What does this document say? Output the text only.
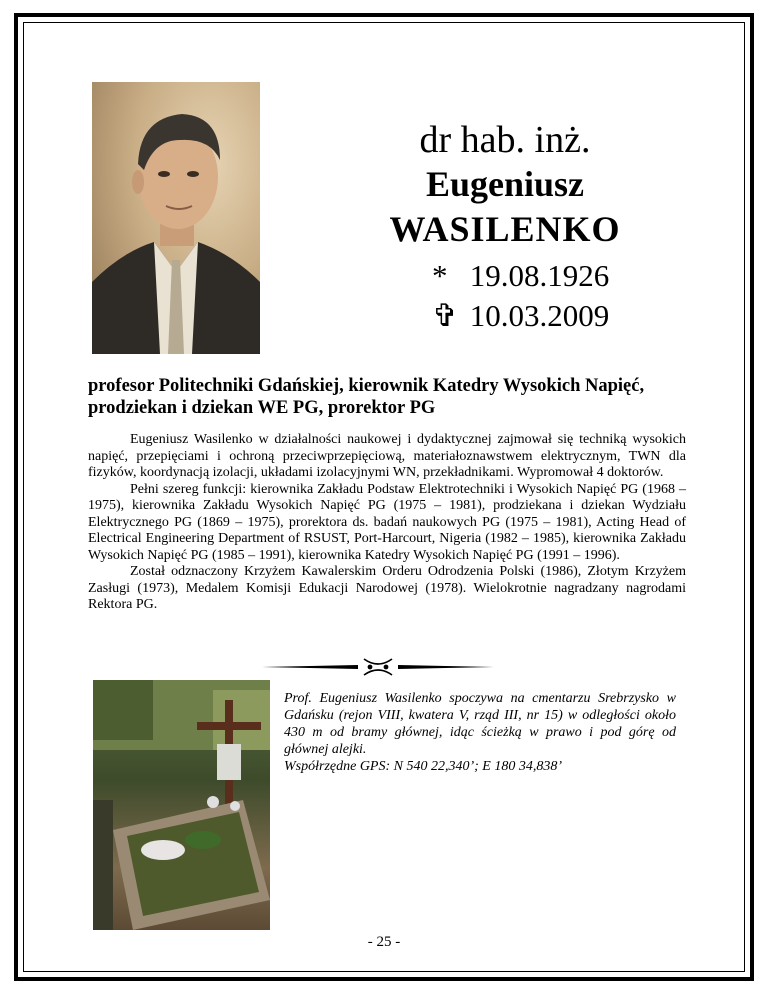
dr hab. inż.
Eugeniusz
WASILENKO
* 19.08.1926
✞ 10.03.2009
profesor Politechniki Gdańskiej, kierownik Katedry Wysokich Napięć, prodziekan i dziekan WE PG, prorektor PG

Eugeniusz Wasilenko w działalności naukowej i dydaktycznej zajmował się techniką wysokich napięć, przepięciami i ochroną przeciwprzepięciową, materiałoznawstwem elektrycznym, TWN dla fizyków, koordynacją izolacji, układami izolacyjnymi WN, przekładnikami. Wypromował 4 doktorów.

Pełni szereg funkcji: kierownika Zakładu Podstaw Elektrotechniki i Wysokich Napięć PG (1968 – 1975), kierownika Zakładu Wysokich Napięć PG (1975 – 1981), prodziekana i dziekan Wydziału Elektrycznego PG (1869 – 1975), prorektora ds. badań naukowych PG (1975 – 1981), Acting Head of Electrical Engineering Department of RSUST, Port-Harcourt, Nigeria (1982 – 1985), kierownika Zakładu Wysokich Napięć PG (1985 – 1991), kierownika Katedry Wysokich Napięć PG (1991 – 1996).

Został odznaczony Krzyżem Kawalerskim Orderu Odrodzenia Polski (1986), Złotym Krzyżem Zasługi (1973), Medalem Komisji Edukacji Narodowej (1978). Wielokrotnie nagradzany nagrodami Rektora PG.

Prof. Eugeniusz Wasilenko spoczywa na cmentarzu Srebrzysko w Gdańsku (rejon VIII, kwatera V, rząd III, nr 15) w odległości około 430 m od bramy głównej, idąc ścieżką w prawo i pod górę od głównej alejki.
Współrzędne GPS: N 540 22,340’; E 180 34,838’
- 25 -
